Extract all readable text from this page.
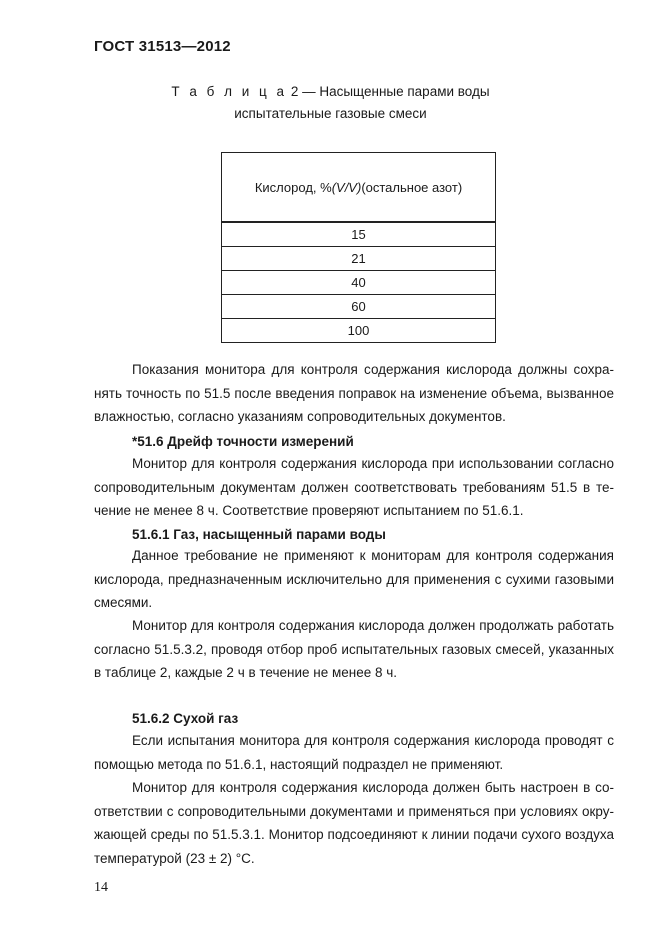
ГОСТ 31513—2012
Т а б л и ц а 2 — Насыщенные парами воды
испытательные газовые смеси
Кислород, % (V/V) (остальное азот)
15
21
40
60
100
Показания монитора для контроля содержания кислорода должны сохра-
нять точность по 51.5 после введения поправок на изменение объема, вызванное
влажностью, согласно указаниям сопроводительных документов.
*51.6 Дрейф точности измерений
Монитор для контроля содержания кислорода при использовании согласно
сопроводительным документам должен соответствовать требованиям 51.5 в те-
чение не менее 8 ч. Соответствие проверяют испытанием по 51.6.1.
51.6.1 Газ, насыщенный парами воды
Данное требование не применяют к мониторам для контроля содержания
кислорода, предназначенным исключительно для применения с сухими газовыми
смесями.
Монитор для контроля содержания кислорода должен продолжать работать
согласно 51.5.3.2, проводя отбор проб испытательных газовых смесей, указанных
в таблице 2, каждые 2 ч в течение не менее 8 ч.
51.6.2 Сухой газ
Если испытания монитора для контроля содержания кислорода проводят с
помощью метода по 51.6.1, настоящий подраздел не применяют.
Монитор для контроля содержания кислорода должен быть настроен в со-
ответствии с сопроводительными документами и применяться при условиях окру-
жающей среды по 51.5.3.1. Монитор подсоединяют к линии подачи сухого воздуха
температурой (23 ± 2) °С.
14
